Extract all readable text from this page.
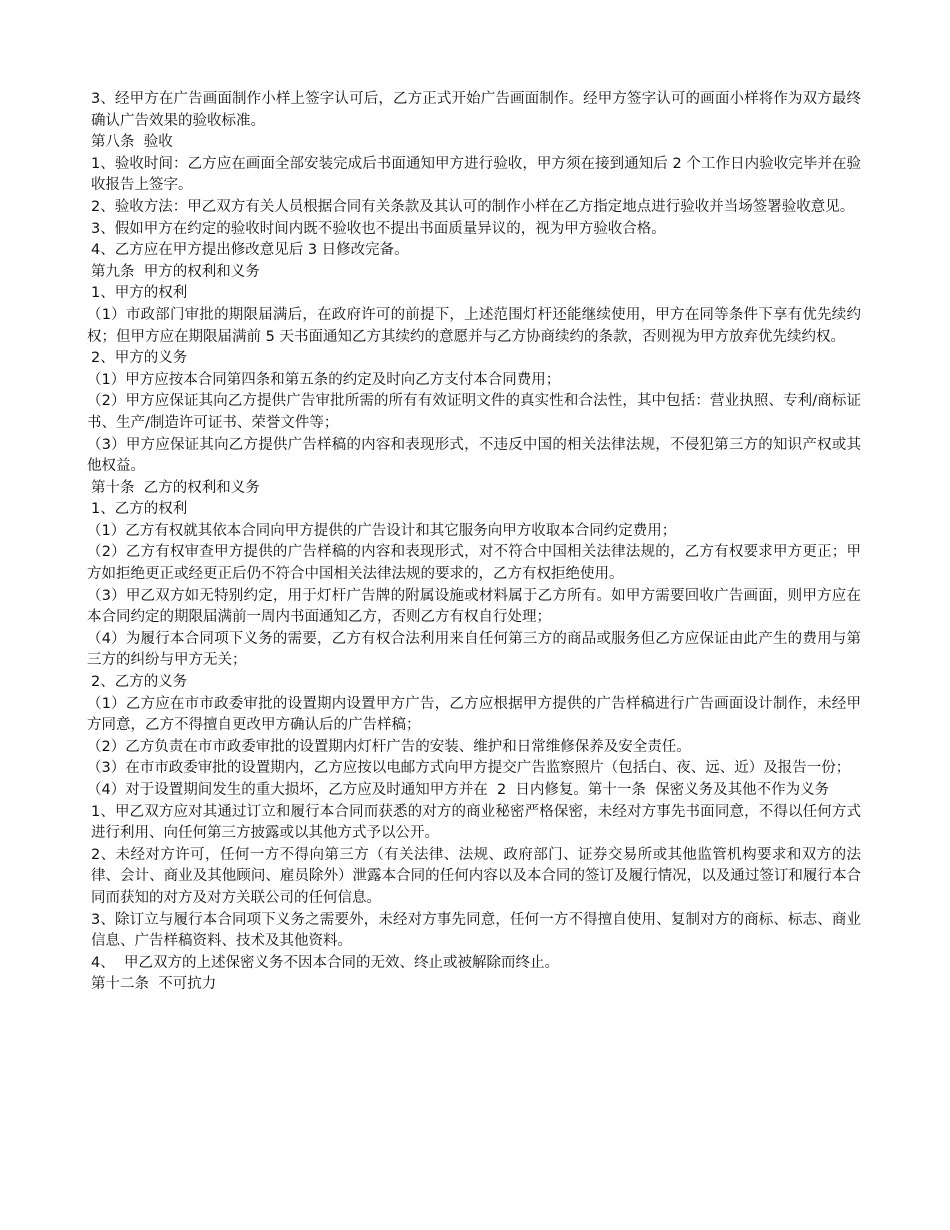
3、经甲方在广告画面制作小样上签字认可后，乙方正式开始广告画面制作。经甲方签字认可的画面小样将作为双方最终确认广告效果的验收标准。

第八条  验收

1、验收时间：乙方应在画面全部安装完成后书面通知甲方进行验收，甲方须在接到通知后 2 个工作日内验收完毕并在验收报告上签字。

2、验收方法：甲乙双方有关人员根据合同有关条款及其认可的制作小样在乙方指定地点进行验收并当场签署验收意见。

3、假如甲方在约定的验收时间内既不验收也不提出书面质量异议的，视为甲方验收合格。

4、乙方应在甲方提出修改意见后 3 日修改完备。

第九条  甲方的权利和义务

1、甲方的权利

（1）市政部门审批的期限届满后，在政府许可的前提下，上述范围灯杆还能继续使用，甲方在同等条件下享有优先续约权；但甲方应在期限届满前 5 天书面通知乙方其续约的意愿并与乙方协商续约的条款，否则视为甲方放弃优先续约权。

2、甲方的义务

（1）甲方应按本合同第四条和第五条的约定及时向乙方支付本合同费用；

（2）甲方应保证其向乙方提供广告审批所需的所有有效证明文件的真实性和合法性，其中包括：营业执照、专利/商标证书、生产/制造许可证书、荣誉文件等；

（3）甲方应保证其向乙方提供广告样稿的内容和表现形式，不违反中国的相关法律法规，不侵犯第三方的知识产权或其他权益。

第十条  乙方的权利和义务

1、乙方的权利

（1）乙方有权就其依本合同向甲方提供的广告设计和其它服务向甲方收取本合同约定费用；

（2）乙方有权审查甲方提供的广告样稿的内容和表现形式，对不符合中国相关法律法规的，乙方有权要求甲方更正；甲方如拒绝更正或经更正后仍不符合中国相关法律法规的要求的，乙方有权拒绝使用。

（3）甲乙双方如无特别约定，用于灯杆广告牌的附属设施或材料属于乙方所有。如甲方需要回收广告画面，则甲方应在本合同约定的期限届满前一周内书面通知乙方，否则乙方有权自行处理；

（4）为履行本合同项下义务的需要，乙方有权合法利用来自任何第三方的商品或服务但乙方应保证由此产生的费用与第三方的纠纷与甲方无关；

2、乙方的义务

（1）乙方应在市市政委审批的设置期内设置甲方广告，乙方应根据甲方提供的广告样稿进行广告画面设计制作，未经甲方同意，乙方不得擅自更改甲方确认后的广告样稿；

（2）乙方负责在市市政委审批的设置期内灯杆广告的安装、维护和日常维修保养及安全责任。

（3）在市市政委审批的设置期内，乙方应按以电邮方式向甲方提交广告监察照片（包括白、夜、远、近）及报告一份；

（4）对于设置期间发生的重大损坏，乙方应及时通知甲方并在  2  日内修复。第十一条  保密义务及其他不作为义务

1、甲乙双方应对其通过订立和履行本合同而获悉的对方的商业秘密严格保密，未经对方事先书面同意，不得以任何方式进行利用、向任何第三方披露或以其他方式予以公开。

2、未经对方许可，任何一方不得向第三方（有关法律、法规、政府部门、证券交易所或其他监管机构要求和双方的法律、会计、商业及其他顾问、雇员除外）泄露本合同的任何内容以及本合同的签订及履行情况，以及通过签订和履行本合同而获知的对方及对方关联公司的任何信息。

3、除订立与履行本合同项下义务之需要外，未经对方事先同意，任何一方不得擅自使用、复制对方的商标、标志、商业信息、广告样稿资料、技术及其他资料。

4、  甲乙双方的上述保密义务不因本合同的无效、终止或被解除而终止。

第十二条  不可抗力
